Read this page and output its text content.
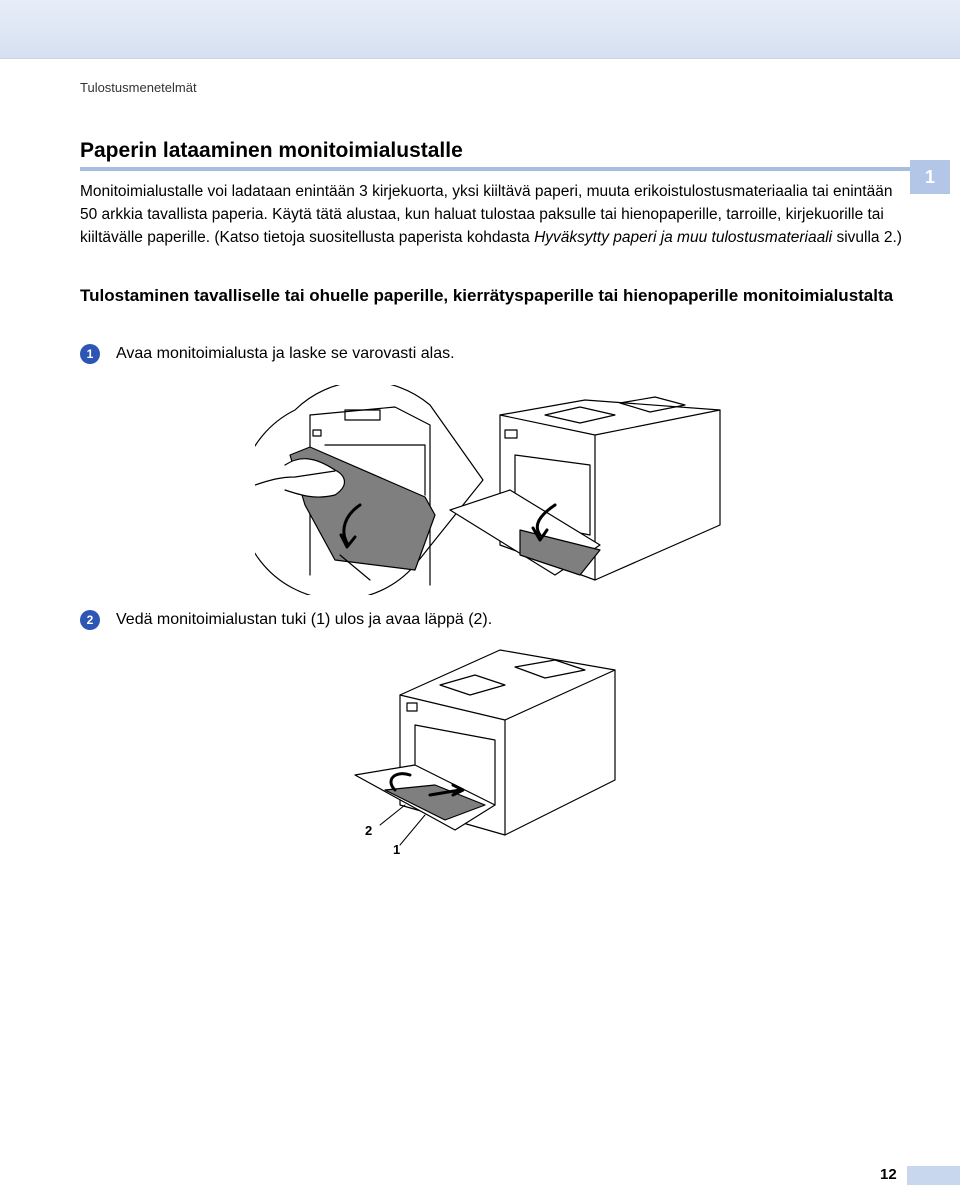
Tulostusmenetelmät
Paperin lataaminen monitoimialustalle
1
Monitoimialustalle voi ladataan enintään 3 kirjekuorta, yksi kiiltävä paperi, muuta erikoistulostusmateriaalia tai enintään 50 arkkia tavallista paperia. Käytä tätä alustaa, kun haluat tulostaa paksulle tai hienopaperille, tarroille, kirjekuorille tai kiiltävälle paperille. (Katso tietoja suositellusta paperista kohdasta Hyväksytty paperi ja muu tulostusmateriaali sivulla 2.)
Tulostaminen tavalliselle tai ohuelle paperille, kierrätyspaperille tai hienopaperille monitoimialustalta
1	Avaa monitoimialusta ja laske se varovasti alas.
2	Vedä monitoimialustan tuki (1) ulos ja avaa läppä (2).
2
1
12
